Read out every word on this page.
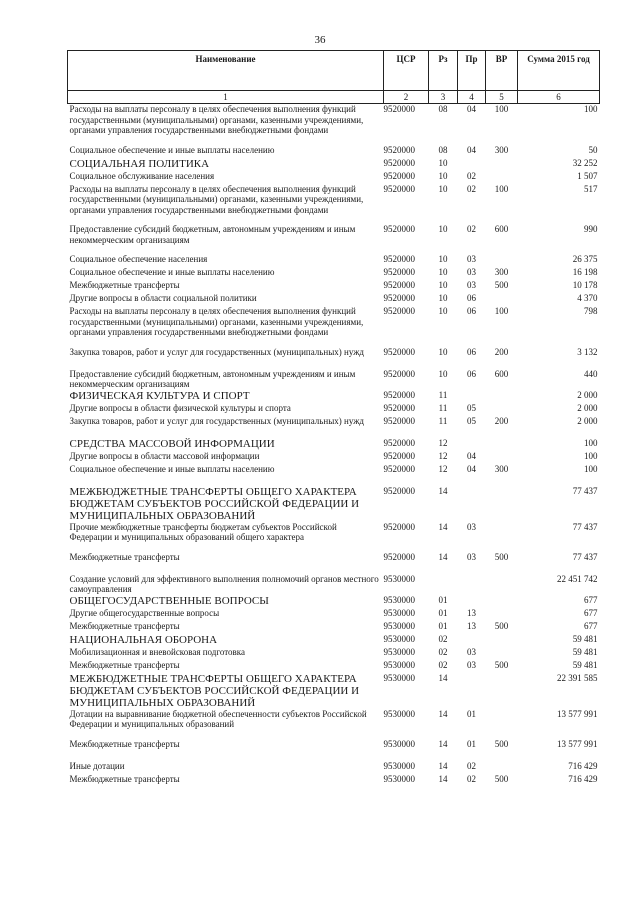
36
Наименование	ЦСР	Рз	Пр	ВР	Сумма 2015 год
1	2	3	4	5	6
Расходы на выплаты персоналу в целях обеспечения выполнения функций государственными (муниципальными) органами, казенными учреждениями, органами управления государственными внебюджетными фондами	9520000	08	04	100	100

Социальное обеспечение и иные выплаты населению	9520000	08	04	300	50
СОЦИАЛЬНАЯ ПОЛИТИКА	9520000	10			32 252
Социальное обслуживание населения	9520000	10	02		1 507
Расходы на выплаты персоналу в целях обеспечения выполнения функций государственными (муниципальными) органами, казенными учреждениями, органами управления государственными внебюджетными фондами	9520000	10	02	100	517

Предоставление субсидий бюджетным, автономным учреждениям и иным некоммерческим организациям	9520000	10	02	600	990

Социальное обеспечение населения	9520000	10	03		26 375
Социальное обеспечение и иные выплаты населению	9520000	10	03	300	16 198
Межбюджетные трансферты	9520000	10	03	500	10 178
Другие вопросы в области социальной политики	9520000	10	06		4 370
Расходы на выплаты персоналу в целях обеспечения выполнения функций государственными (муниципальными) органами, казенными учреждениями, органами управления государственными внебюджетными фондами	9520000	10	06	100	798

Закупка товаров, работ и услуг для государственных (муниципальных) нужд	9520000	10	06	200	3 132

Предоставление субсидий бюджетным, автономным учреждениям и иным некоммерческим организациям	9520000	10	06	600	440
ФИЗИЧЕСКАЯ КУЛЬТУРА И СПОРТ	9520000	11			2 000
Другие вопросы в области физической культуры и спорта	9520000	11	05		2 000
Закупка товаров, работ и услуг для государственных (муниципальных) нужд	9520000	11	05	200	2 000

СРЕДСТВА МАССОВОЙ ИНФОРМАЦИИ	9520000	12			100
Другие вопросы в области массовой информации	9520000	12	04		100
Социальное обеспечение и иные выплаты населению	9520000	12	04	300	100

МЕЖБЮДЖЕТНЫЕ ТРАНСФЕРТЫ ОБЩЕГО ХАРАКТЕРА БЮДЖЕТАМ СУБЪЕКТОВ РОССИЙСКОЙ ФЕДЕРАЦИИ И МУНИЦИПАЛЬНЫХ ОБРАЗОВАНИЙ	9520000	14			77 437
Прочие межбюджетные трансферты бюджетам субъектов Российской Федерации и муниципальных образований общего характера	9520000	14	03		77 437

Межбюджетные трансферты	9520000	14	03	500	77 437

Создание условий для эффективного выполнения полномочий органов местного самоуправления	9530000				22 451 742
ОБЩЕГОСУДАРСТВЕННЫЕ ВОПРОСЫ	9530000	01			677
Другие общегосударственные вопросы	9530000	01	13		677
Межбюджетные трансферты	9530000	01	13	500	677
НАЦИОНАЛЬНАЯ ОБОРОНА	9530000	02			59 481
Мобилизационная и вневойсковая подготовка	9530000	02	03		59 481
Межбюджетные трансферты	9530000	02	03	500	59 481
МЕЖБЮДЖЕТНЫЕ ТРАНСФЕРТЫ ОБЩЕГО ХАРАКТЕРА БЮДЖЕТАМ СУБЪЕКТОВ РОССИЙСКОЙ ФЕДЕРАЦИИ И МУНИЦИПАЛЬНЫХ ОБРАЗОВАНИЙ	9530000	14			22 391 585
Дотации на выравнивание бюджетной обеспеченности субъектов Российской Федерации и муниципальных образований	9530000	14	01		13 577 991

Межбюджетные трансферты	9530000	14	01	500	13 577 991

Иные дотации	9530000	14	02		716 429
Межбюджетные трансферты	9530000	14	02	500	716 429
